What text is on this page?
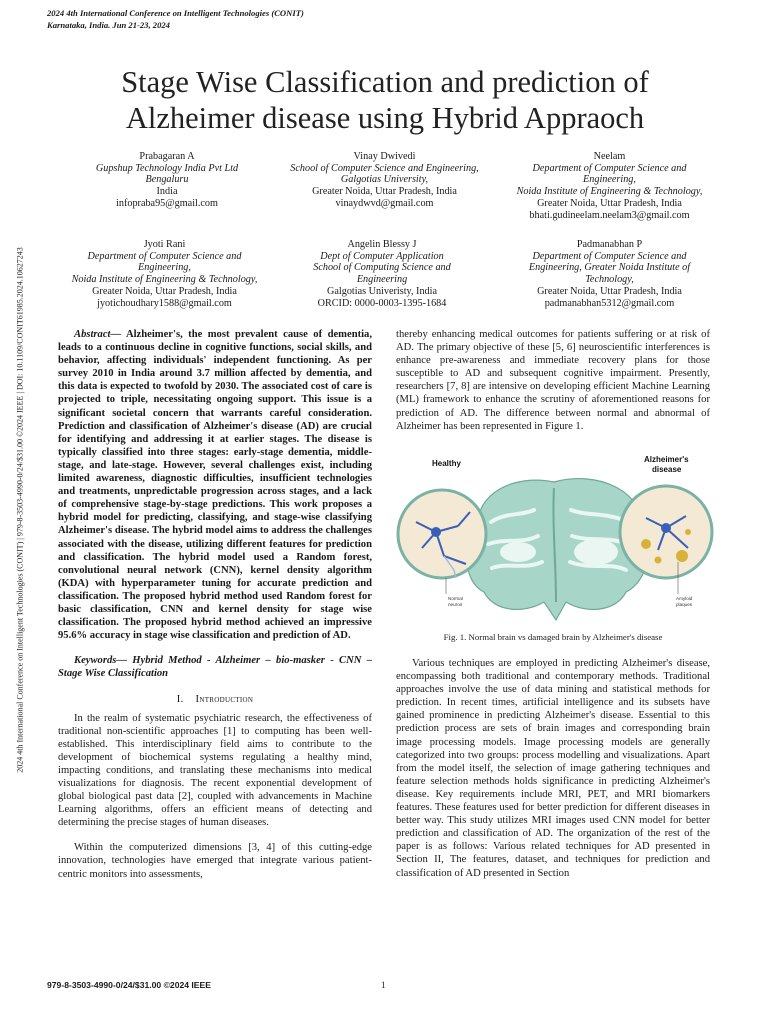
2024 4th International Conference on Intelligent Technologies (CONIT)
Karnataka, India. Jun 21-23, 2024
Stage Wise Classification and prediction of Alzheimer disease using Hybrid Appraoch
Prabagaran A
Gupshup Technology India Pvt Ltd
Bengaluru
India
infopraba95@gmail.com
Vinay Dwivedi
School of Computer Science and Engineering,
Galgotias University,
Greater Noida, Uttar Pradesh, India
vinaydwvd@gmail.com
Neelam
Department of Computer Science and
Engineering,
Noida Institute of Engineering & Technology,
Greater Noida, Uttar Pradesh, India
bhati.gudineelam.neelam3@gmail.com
Jyoti Rani
Department of Computer Science and
Engineering,
Noida Institute of Engineering & Technology,
Greater Noida, Uttar Pradesh, India
jyotichoudhary1588@gmail.com
Angelin Blessy J
Dept of Computer Application
School of Computing Science and
Engineering
Galgotias Univeristy, India
ORCID: 0000-0003-1395-1684
Padmanabhan P
Department of Computer Science and
Engineering, Greater Noida Institute of
Technology,
Greater Noida, Uttar Pradesh, India
padmanabhan5312@gmail.com
2024 4th International Conference on Intelligent Technologies (CONIT) | 979-8-3503-4990-0/24/$31.00 ©2024 IEEE | DOI: 10.1109/CONIT61985.2024.10627243	Abstract— Alzheimer's, the most prevalent cause of dementia, leads to a continuous decline in cognitive functions, social skills, and behavior, affecting individuals' independent functioning. As per survey 2010 in India around 3.7 million affected by dementia, and this data is expected to twofold by 2030. The associated cost of care is projected to triple, necessitating ongoing support. This issue is a significant societal concern that warrants careful consideration. Prediction and classification of Alzheimer's disease (AD) are crucial for identifying and addressing it at earlier stages. The disease is typically classified into three stages: early-stage dementia, middle-stage, and late-stage. However, several challenges exist, including limited awareness, diagnostic difficulties, insufficient technologies and treatments, unpredictable progression across stages, and a lack of comprehensive stage-by-stage predictions. This work proposes a hybrid model for predicting, classifying, and stage-wise classifying Alzheimer's disease. The hybrid model aims to address the challenges associated with the disease, utilizing different features for prediction and classification. The hybrid model used a Random forest, convolutional neural network (CNN), kernel density algorithm (KDA) with hyperparameter tuning for accurate prediction and classification. The proposed hybrid method used Random forest for basic classification, CNN and kernel density for stage wise classification. The proposed hybrid method achieved an impressive 95.6% accuracy in stage wise classification and prediction of AD.

Keywords— Hybrid Method - Alzheimer – bio-masker - CNN – Stage Wise Classification

I. Introduction

In the realm of systematic psychiatric research, the effectiveness of traditional non-scientific approaches [1] to computing has been well-established. This interdisciplinary field aims to contribute to the development of biochemical systems regulating a healthy mind, impacting conditions, and translating these mechanisms into medical visualizations for diagnosis. The recent exponential development of global biological past data [2], coupled with advancements in Machine Learning algorithms, offers an efficient means of detecting and determining the precise stages of human diseases.

Within the computerized dimensions [3, 4] of this cutting-edge innovation, technologies have emerged that integrate various patient-centric monitors into assessments,

thereby enhancing medical outcomes for patients suffering or at risk of AD. The primary objective of these [5, 6] neuroscientific interferences is enhance pre-awareness and immediate recovery plans for those susceptible to AD and subsequent cognitive impairment. Presently, researchers [7, 8] are intensive on developing efficient Machine Learning (ML) framework to enhance the scrutiny of aforementioned reasons for prediction of AD. The difference between normal and abnormal of Alzheimer has been represented in Figure 1.

Healthy	Alzheimer's
disease
Normal
neuron
Amyloid
plaques
Fig. 1. Normal brain vs damaged brain by Alzheimer's disease

Various techniques are employed in predicting Alzheimer's disease, encompassing both traditional and contemporary methods. Traditional approaches involve the use of data mining and statistical methods for prediction. In recent times, artificial intelligence and its subsets have gained prominence in predicting Alzheimer's disease. Essential to this prediction process are sets of brain images and corresponding brain image processing models. Image processing models are generally categorized into two groups: process modelling and visualizations. Apart from the model itself, the selection of image gathering techniques and feature selection methods holds significance in predicting Alzheimer's disease. Key requirements include MRI, PET, and MRI biomarkers features. These features used for better prediction for different diseases in better way. This study utilizes MRI images used CNN model for better prediction and classification of AD. The organization of the rest of the paper is as follows: Various related techniques for AD presented in Section II, The features, dataset, and techniques for prediction and classification of AD presented in Section

979-8-3503-4990-0/24/$31.00 ©2024 IEEE	1
